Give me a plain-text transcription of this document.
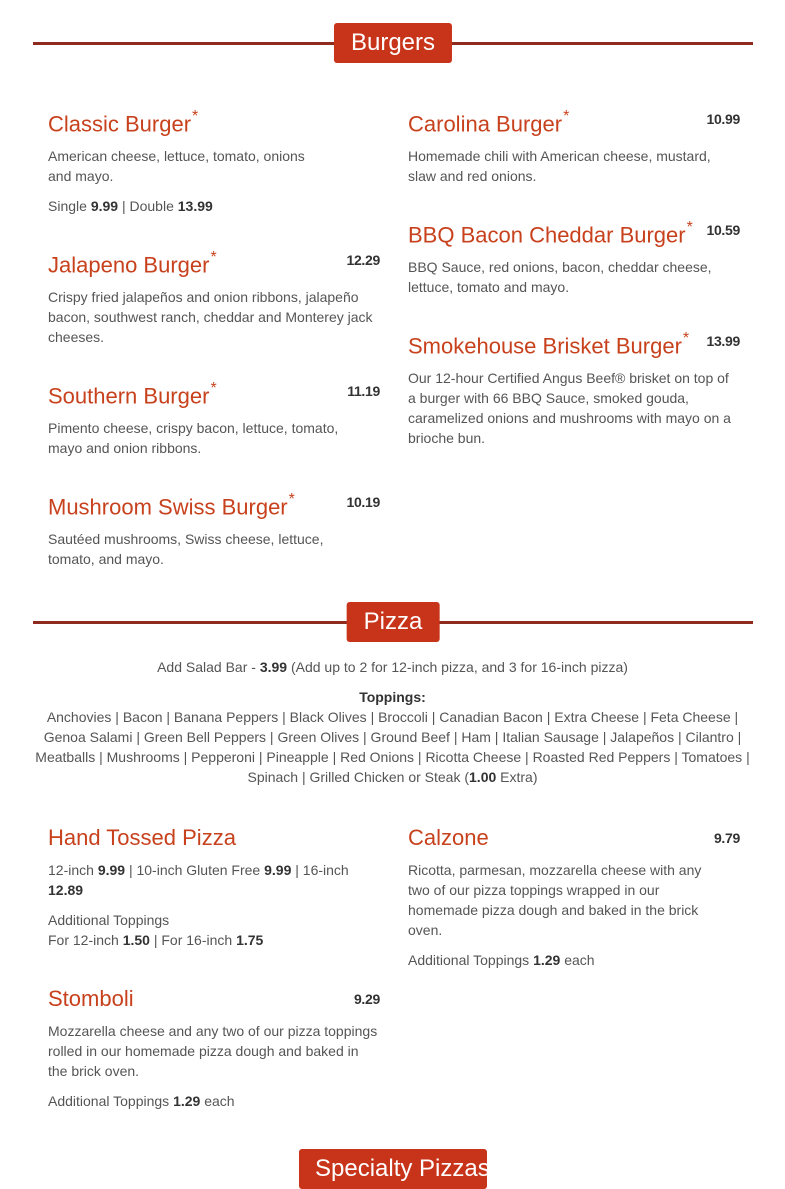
Burgers
Classic Burger*
American cheese, lettuce, tomato, onions and mayo.
Single 9.99 | Double 13.99
Jalapeno Burger*	12.29
Crispy fried jalapeños and onion ribbons, jalapeño bacon, southwest ranch, cheddar and Monterey jack cheeses.
Southern Burger*	11.19
Pimento cheese, crispy bacon, lettuce, tomato, mayo and onion ribbons.
Mushroom Swiss Burger*	10.19
Sautéed mushrooms, Swiss cheese, lettuce, tomato, and mayo.
Carolina Burger*	10.99
Homemade chili with American cheese, mustard, slaw and red onions.
BBQ Bacon Cheddar Burger* 10.59
BBQ Sauce, red onions, bacon, cheddar cheese, lettuce, tomato and mayo.
Smokehouse Brisket Burger*	13.99
Our 12-hour Certified Angus Beef® brisket on top of a burger with 66 BBQ Sauce, smoked gouda, caramelized onions and mushrooms with mayo on a brioche bun.
Pizza
Add Salad Bar - 3.99 (Add up to 2 for 12-inch pizza, and 3 for 16-inch pizza)
Toppings:
Anchovies | Bacon | Banana Peppers | Black Olives | Broccoli | Canadian Bacon | Extra Cheese | Feta Cheese | Genoa Salami | Green Bell Peppers | Green Olives | Ground Beef | Ham | Italian Sausage | Jalapeños | Cilantro | Meatballs | Mushrooms | Pepperoni | Pineapple | Red Onions | Ricotta Cheese | Roasted Red Peppers | Tomatoes | Spinach | Grilled Chicken or Steak (1.00 Extra)
Hand Tossed Pizza
12-inch 9.99 | 10-inch Gluten Free 9.99 | 16-inch 12.89
Additional Toppings
For 12-inch 1.50 | For 16-inch 1.75
Stomboli	9.29
Mozzarella cheese and any two of our pizza toppings rolled in our homemade pizza dough and baked in the brick oven.
Additional Toppings 1.29 each
Calzone	9.79
Ricotta, parmesan, mozzarella cheese with any two of our pizza toppings wrapped in our homemade pizza dough and baked in the brick oven.
Additional Toppings 1.29 each
Specialty Pizzas
